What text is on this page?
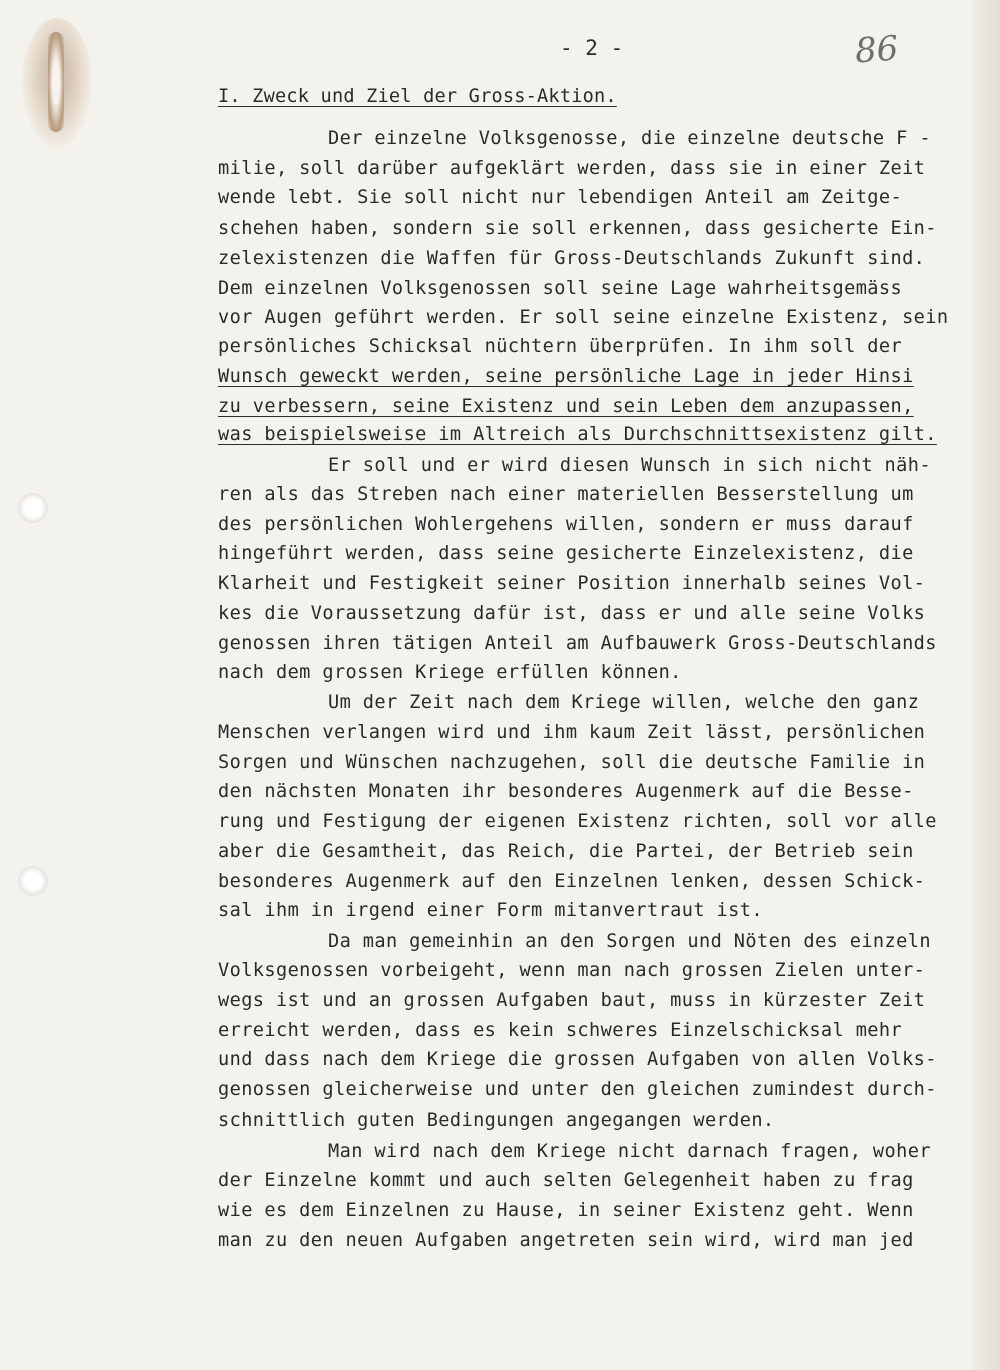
- 2 -	86
I. Zweck und Ziel der Gross-Aktion.
Der einzelne Volksgenosse, die einzelne deutsche F -
milie, soll darüber aufgeklärt werden, dass sie in einer Zeit
wende lebt. Sie soll nicht nur lebendigen Anteil am Zeitge-
schehen haben, sondern sie soll erkennen, dass gesicherte Ein-
zelexistenzen die Waffen für Gross-Deutschlands Zukunft sind.
Dem einzelnen Volksgenossen soll seine Lage wahrheitsgemäss
vor Augen geführt werden. Er soll seine einzelne Existenz, sein
persönliches Schicksal nüchtern überprüfen. In ihm soll der
Wunsch geweckt werden, seine persönliche Lage in jeder Hinsi
zu verbessern, seine Existenz und sein Leben dem anzupassen,
was beispielsweise im Altreich als Durchschnittsexistenz gilt.
Er soll und er wird diesen Wunsch in sich nicht näh-
ren als das Streben nach einer materiellen Besserstellung um
des persönlichen Wohlergehens willen, sondern er muss darauf
hingeführt werden, dass seine gesicherte Einzelexistenz, die
Klarheit und Festigkeit seiner Position innerhalb seines Vol-
kes die Voraussetzung dafür ist, dass er und alle seine Volks
genossen ihren tätigen Anteil am Aufbauwerk Gross-Deutschlands
nach dem grossen Kriege erfüllen können.
Um der Zeit nach dem Kriege willen, welche den ganz
Menschen verlangen wird und ihm kaum Zeit lässt, persönlichen
Sorgen und Wünschen nachzugehen, soll die deutsche Familie in
den nächsten Monaten ihr besonderes Augenmerk auf die Besse-
rung und Festigung der eigenen Existenz richten, soll vor alle
aber die Gesamtheit, das Reich, die Partei, der Betrieb sein
besonderes Augenmerk auf den Einzelnen lenken, dessen Schick-
sal ihm in irgend einer Form mitanvertraut ist.
Da man gemeinhin an den Sorgen und Nöten des einzeln
Volksgenossen vorbeigeht, wenn man nach grossen Zielen unter-
wegs ist und an grossen Aufgaben baut, muss in kürzester Zeit
erreicht werden, dass es kein schweres Einzelschicksal mehr
und dass nach dem Kriege die grossen Aufgaben von allen Volks-
genossen gleicherweise und unter den gleichen zumindest durch-
schnittlich guten Bedingungen angegangen werden.
Man wird nach dem Kriege nicht darnach fragen, woher
der Einzelne kommt und auch selten Gelegenheit haben zu frag
wie es dem Einzelnen zu Hause, in seiner Existenz geht. Wenn
man zu den neuen Aufgaben angetreten sein wird, wird man jed
